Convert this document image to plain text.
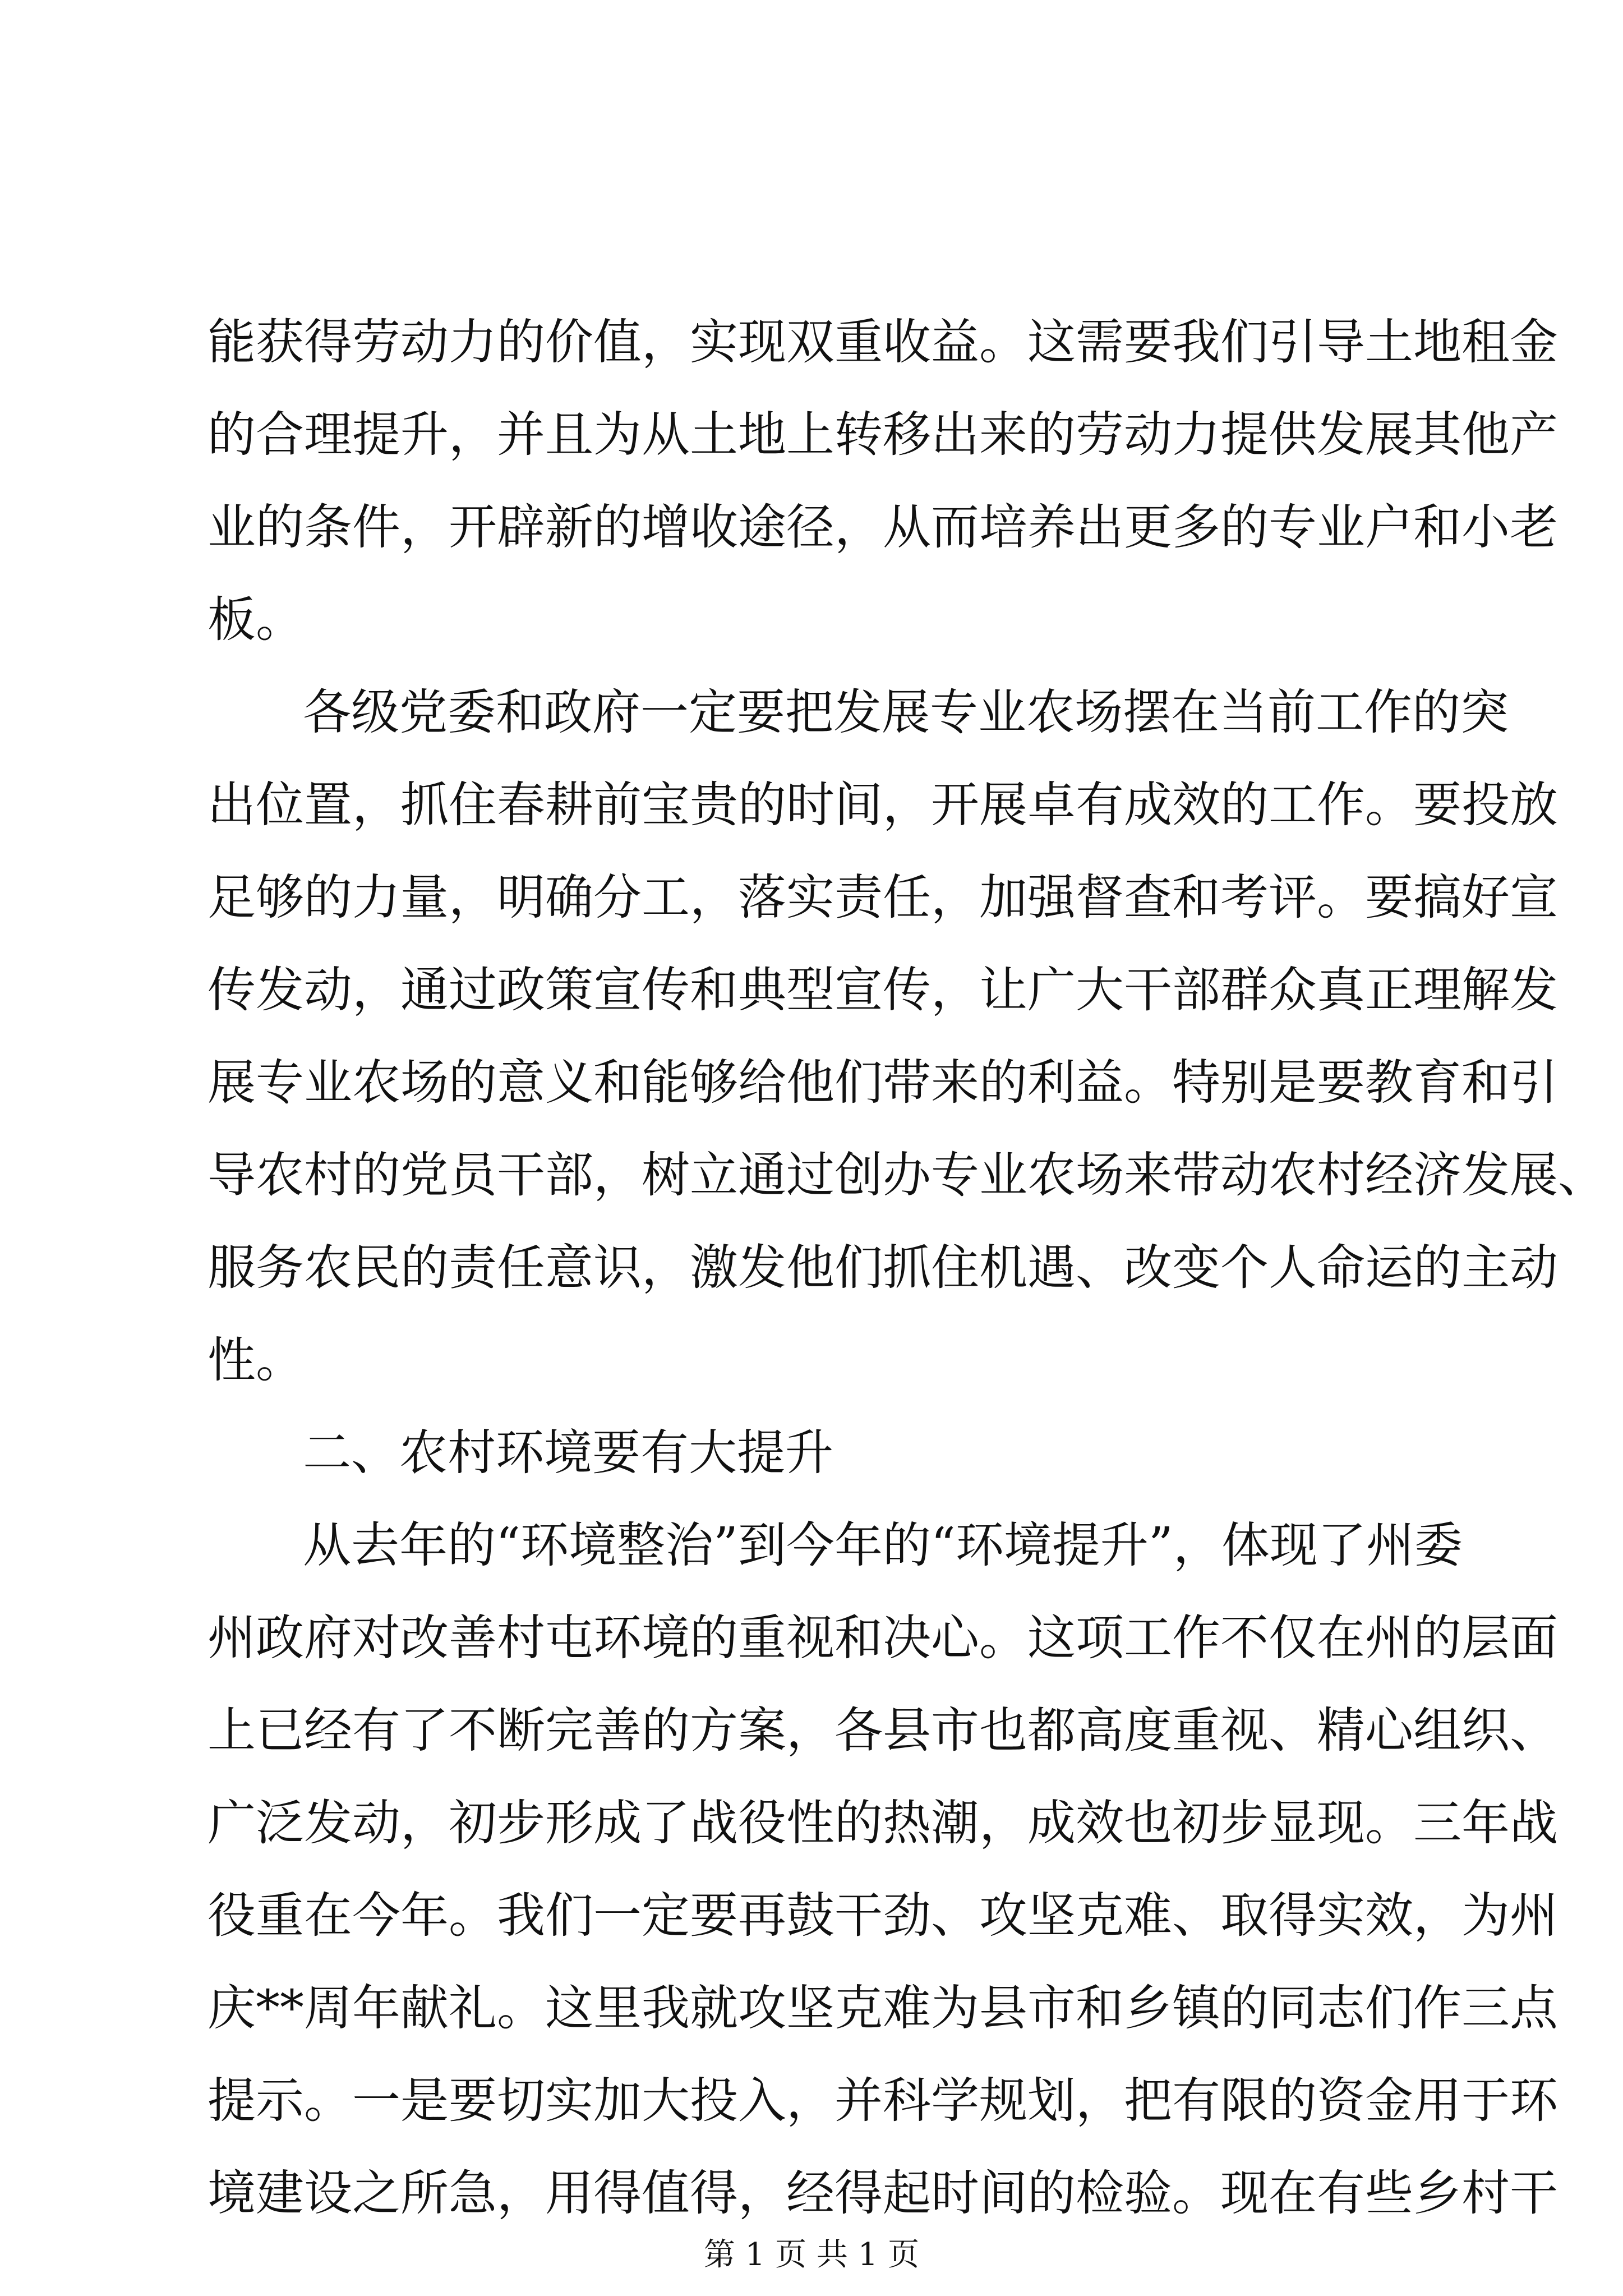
能获得劳动力的价值，实现双重收益。这需要我们引导土地租金
的合理提升，并且为从土地上转移出来的劳动力提供发展其他产
业的条件，开辟新的增收途径，从而培养出更多的专业户和小老
板。
各级党委和政府一定要把发展专业农场摆在当前工作的突
出位置，抓住春耕前宝贵的时间，开展卓有成效的工作。要投放
足够的力量，明确分工，落实责任，加强督查和考评。要搞好宣
传发动，通过政策宣传和典型宣传，让广大干部群众真正理解发
展专业农场的意义和能够给他们带来的利益。特别是要教育和引
导农村的党员干部，树立通过创办专业农场来带动农村经济发展、
服务农民的责任意识，激发他们抓住机遇、改变个人命运的主动
性。
二、农村环境要有大提升
从去年的“环境整治”到今年的“环境提升”，体现了州委
州政府对改善村屯环境的重视和决心。这项工作不仅在州的层面
上已经有了不断完善的方案，各县市也都高度重视、精心组织、
广泛发动，初步形成了战役性的热潮，成效也初步显现。三年战
役重在今年。我们一定要再鼓干劲、攻坚克难、取得实效，为州
庆**周年献礼。这里我就攻坚克难为县市和乡镇的同志们作三点
提示。一是要切实加大投入，并科学规划，把有限的资金用于环
境建设之所急，用得值得，经得起时间的检验。现在有些乡村干
第 1 页 共 1 页
